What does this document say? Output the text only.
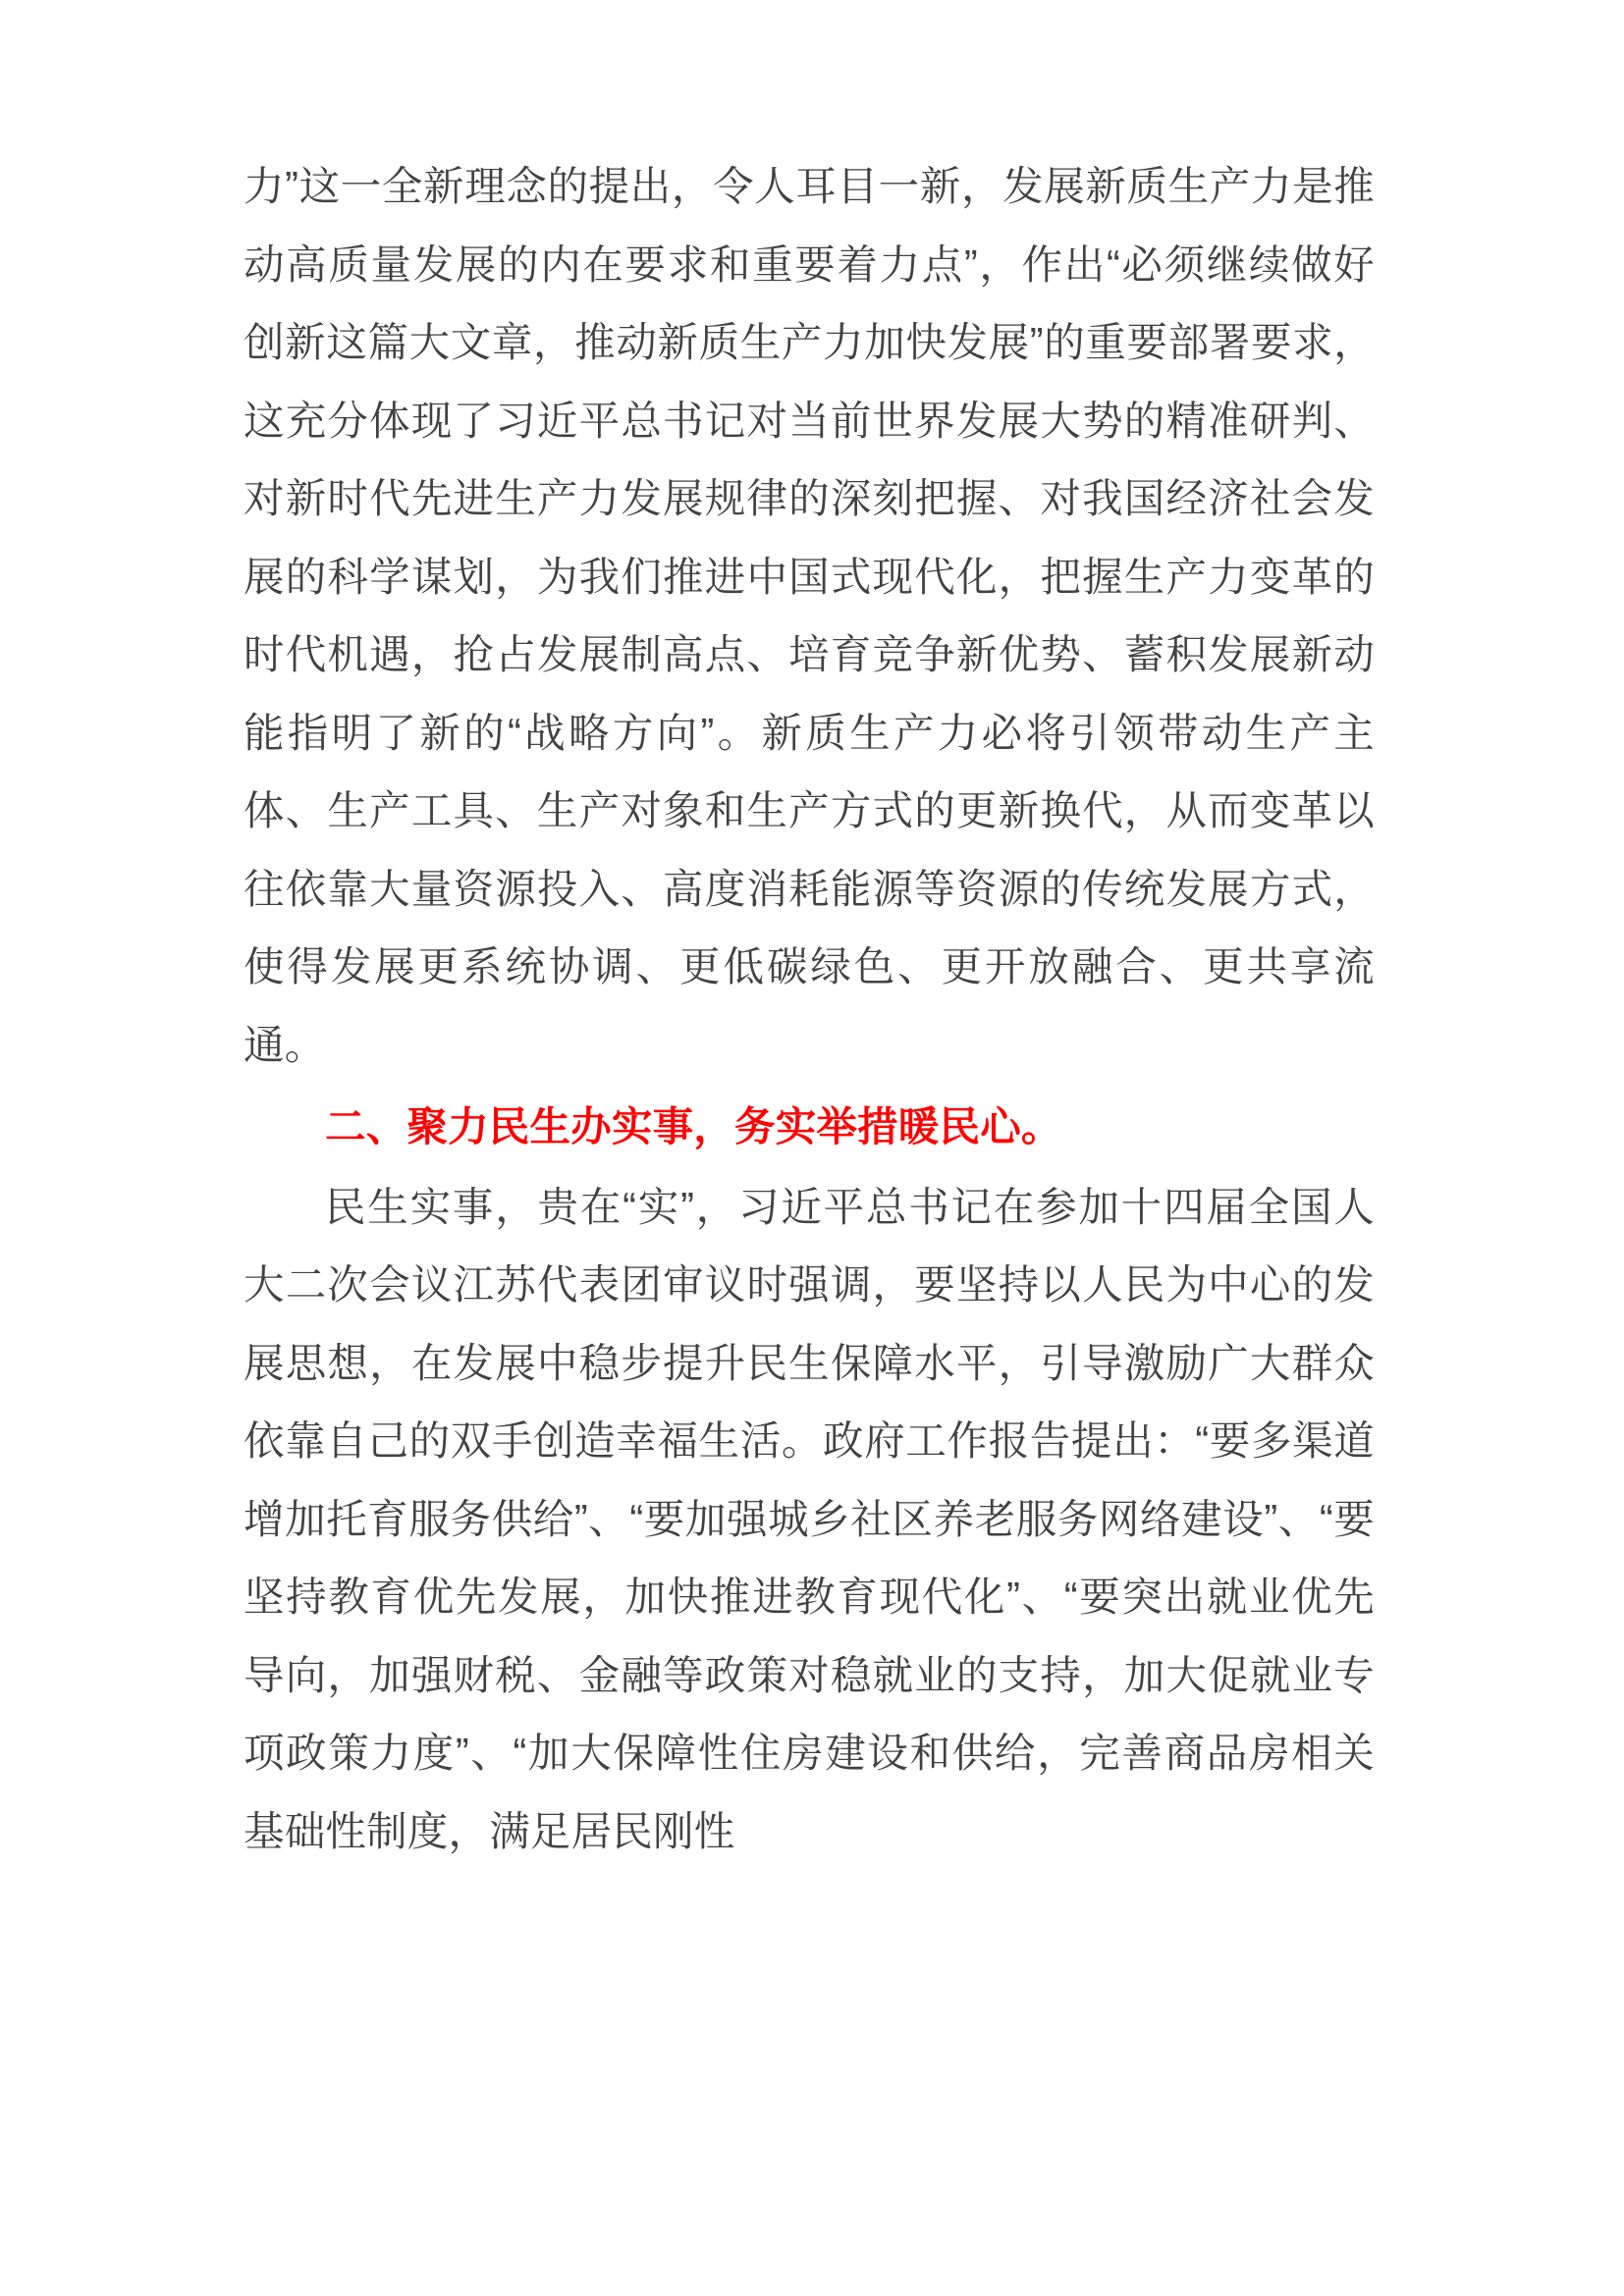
力”这一全新理念的提出，令人耳目一新，发展新质生产力是推动高质量发展的内在要求和重要着力点”，作出“必须继续做好创新这篇大文章，推动新质生产力加快发展”的重要部署要求，这充分体现了习近平总书记对当前世界发展大势的精准研判、对新时代先进生产力发展规律的深刻把握、对我国经济社会发展的科学谋划，为我们推进中国式现代化，把握生产力变革的时代机遇，抢占发展制高点、培育竞争新优势、蓄积发展新动能指明了新的“战略方向”。新质生产力必将引领带动生产主体、生产工具、生产对象和生产方式的更新换代，从而变革以往依靠大量资源投入、高度消耗能源等资源的传统发展方式，使得发展更系统协调、更低碳绿色、更开放融合、更共享流通。

二、聚力民生办实事，务实举措暖民心。

民生实事，贵在“实”，习近平总书记在参加十四届全国人大二次会议江苏代表团审议时强调，要坚持以人民为中心的发展思想，在发展中稳步提升民生保障水平，引导激励广大群众依靠自己的双手创造幸福生活。政府工作报告提出：“要多渠道增加托育服务供给”、“要加强城乡社区养老服务网络建设”、“要坚持教育优先发展，加快推进教育现代化”、“要突出就业优先导向，加强财税、金融等政策对稳就业的支持，加大促就业专项政策力度”、“加大保障性住房建设和供给，完善商品房相关基础性制度，满足居民刚性
